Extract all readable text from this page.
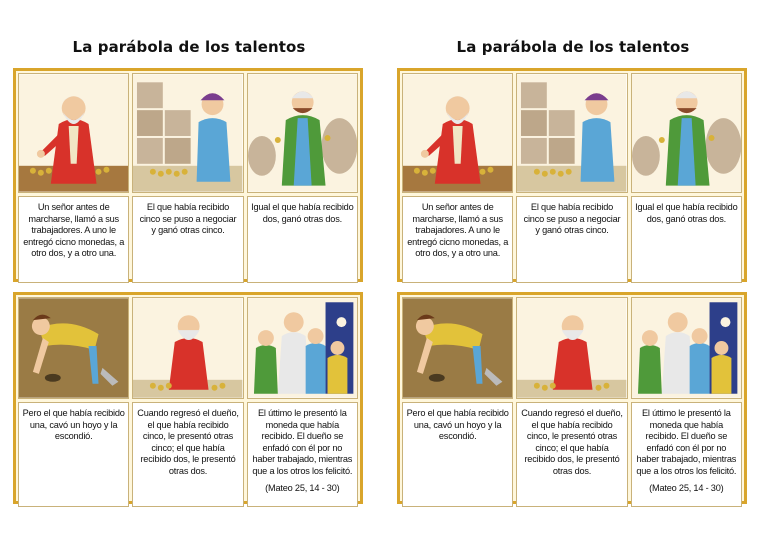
La parábola de los talentos
Un señor antes de marcharse, llamó a sus trabajadores. A uno le entregó cicno monedas, a otro dos, y a otro una.
El que había recibido cinco se puso a negociar y ganó otras cinco.
Igual el que había recibido dos, ganó otras dos.
Pero el que había recibido una, cavó un hoyo y la escondió.
Cuando regresó el dueño, el que había recibido cinco, le presentó otras cinco; el que había recibido dos, le presentó otras dos.
El úttimo le presentó la moneda que había recibido. El dueño se enfadó con él por no haber trabajado, mientras que a los otros los felicitó.
(Mateo 25, 14 - 30)
La parábola de los talentos
Un señor antes de marcharse, llamó a sus trabajadores. A uno le entregó cicno monedas, a otro dos, y a otro una.
El que había recibido cinco se puso a negociar y ganó otras cinco.
Igual el que había recibido dos, ganó otras dos.
Pero el que había recibido una, cavó un hoyo y la escondió.
Cuando regresó el dueño, el que había recibido cinco, le presentó otras cinco; el que había recibido dos, le presentó otras dos.
El úttimo le presentó la moneda que había recibido. El dueño se enfadó con él por no haber trabajado, mientras que a los otros los felicitó.
(Mateo 25, 14 - 30)
